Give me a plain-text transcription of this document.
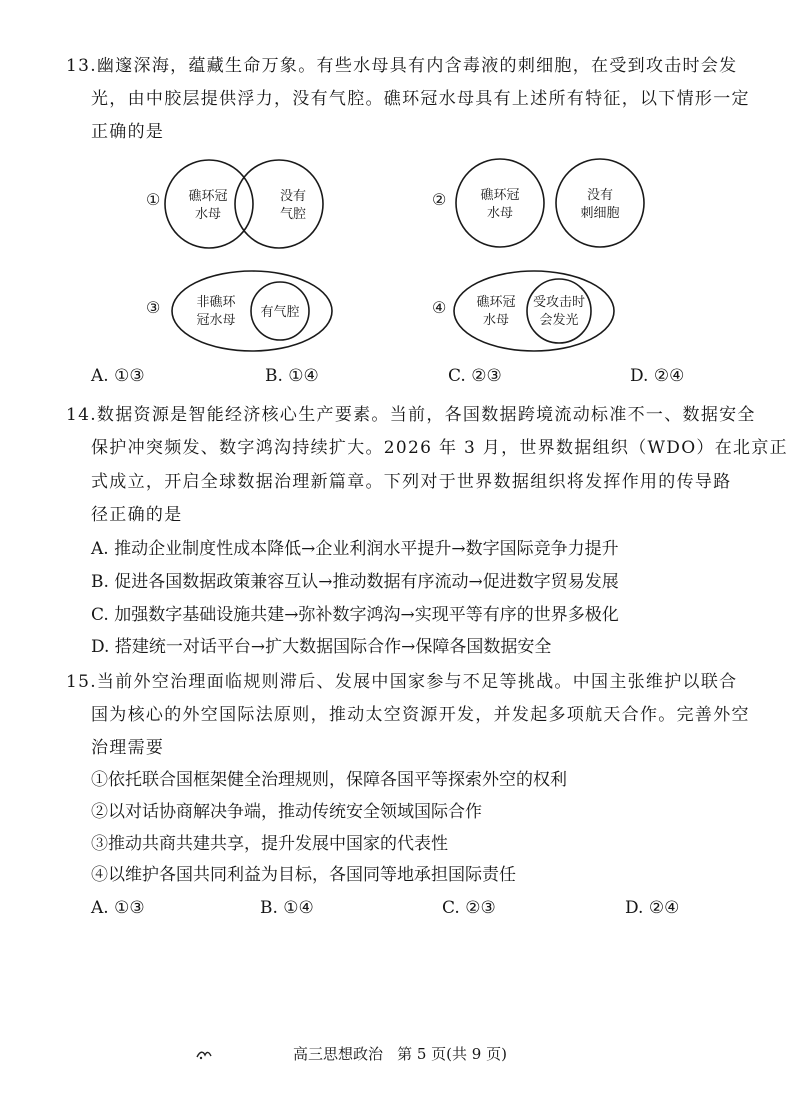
13.幽邃深海，蕴藏生命万象。有些水母具有内含毒液的刺细胞，在受到攻击时会发
光，由中胶层提供浮力，没有气腔。礁环冠水母具有上述所有特征，以下情形一定
正确的是
① 礁环冠
水母
没有
气腔
②	礁环冠
水母
没有
刺细胞
③	非礁环
冠水母
有气腔	④ 礁环冠
水母
受攻击时
会发光
A. ①③	B. ①④	C. ②③	D. ②④
14.数据资源是智能经济核心生产要素。当前，各国数据跨境流动标准不一、数据安全
保护冲突频发、数字鸿沟持续扩大。2026 年 3 月，世界数据组织（WDO）在北京正
式成立，开启全球数据治理新篇章。下列对于世界数据组织将发挥作用的传导路
径正确的是
A. 推动企业制度性成本降低→企业利润水平提升→数字国际竞争力提升
B. 促进各国数据政策兼容互认→推动数据有序流动→促进数字贸易发展
C. 加强数字基础设施共建→弥补数字鸿沟→实现平等有序的世界多极化
D. 搭建统一对话平台→扩大数据国际合作→保障各国数据安全
15.当前外空治理面临规则滞后、发展中国家参与不足等挑战。中国主张维护以联合
国为核心的外空国际法原则，推动太空资源开发，并发起多项航天合作。完善外空
治理需要
①依托联合国框架健全治理规则，保障各国平等探索外空的权利
②以对话协商解决争端，推动传统安全领域国际合作
③推动共商共建共享，提升发展中国家的代表性
④以维护各国共同利益为目标，各国同等地承担国际责任
A. ①③	B. ①④	C. ②③	D. ②④
高三思想政治 第 5 页(共 9 页)
